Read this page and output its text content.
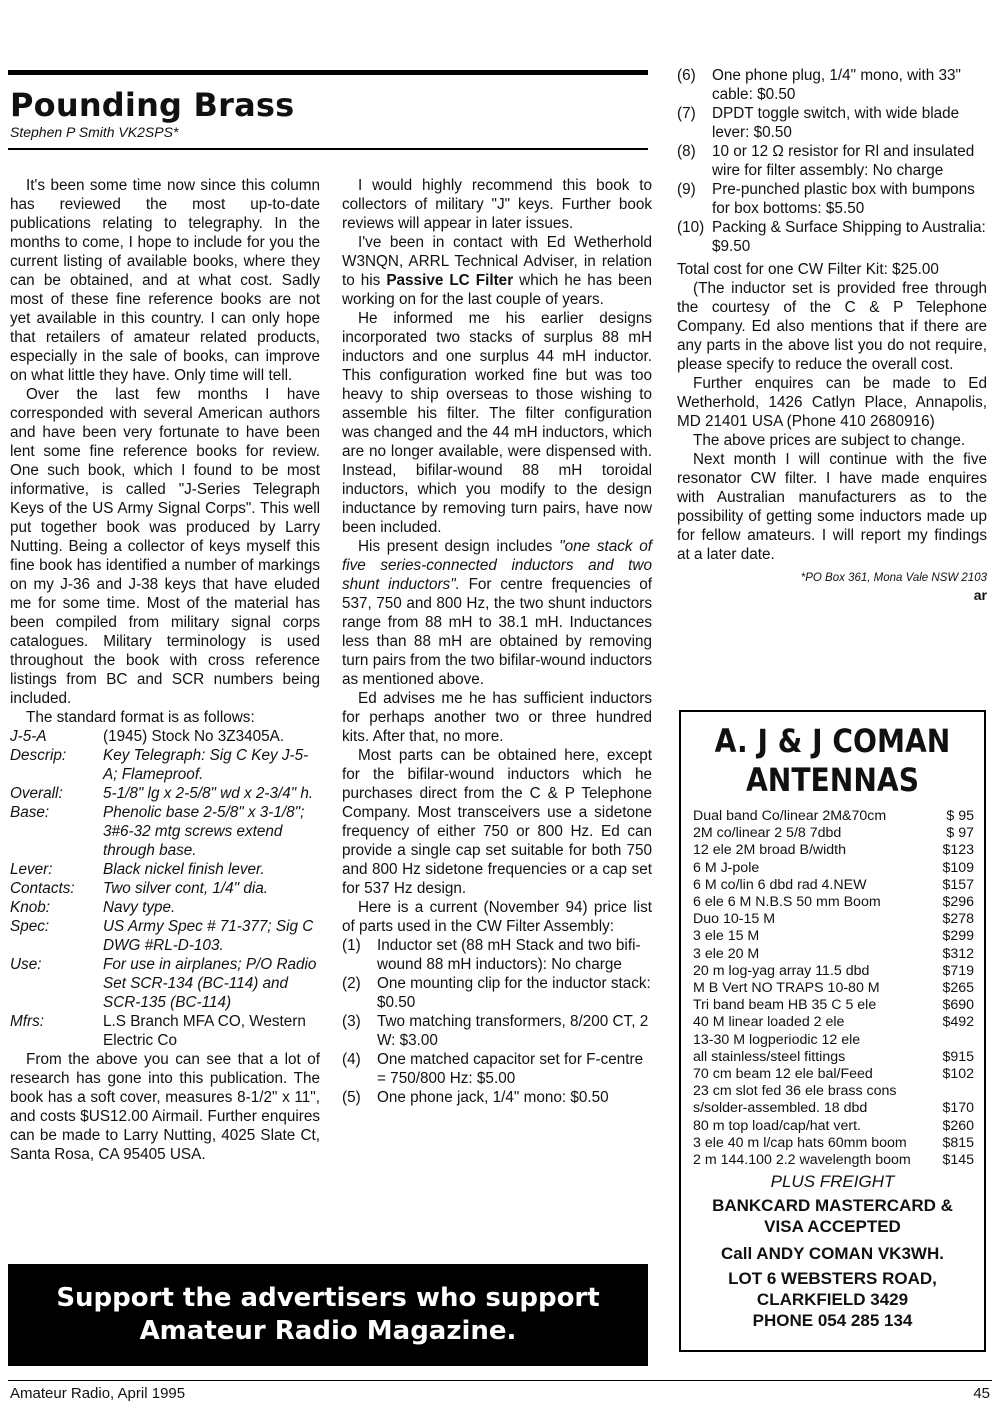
Pounding Brass
Stephen P Smith VK2SPS*

It's been some time now since this column has reviewed the most up-to-date publications relating to telegraphy. In the months to come, I hope to include for you the current listing of available books, where they can be obtained, and at what cost. Sadly most of these fine reference books are not yet available in this country. I can only hope that retailers of amateur related products, especially in the sale of books, can improve on what little they have. Only time will tell.

Over the last few months I have corresponded with several American authors and have been very fortunate to have been lent some fine reference books for review. One such book, which I found to be most informative, is called "J-Series Telegraph Keys of the US Army Signal Corps". This well put together book was produced by Larry Nutting. Being a collector of keys myself this fine book has identified a number of markings on my J-36 and J-38 keys that have eluded me for some time. Most of the material has been compiled from military signal corps catalogues. Military terminology is used throughout the book with cross reference listings from BC and SCR numbers being included.

The standard format is as follows:

J-5-A	(1945) Stock No 3Z3405A.
Descrip:	Key Telegraph: Sig C Key J-5-A; Flameproof.
Overall:	5-1/8" lg x 2-5/8" wd x 2-3/4" h.
Base:	Phenolic base 2-5/8" x 3-1/8"; 3#6-32 mtg screws extend through base.
Lever:	Black nickel finish lever.
Contacts:	Two silver cont, 1/4" dia.
Knob:	Navy type.
Spec:	US Army Spec # 71-377; Sig C DWG #RL-D-103.
Use:	For use in airplanes; P/O Radio Set SCR-134 (BC-114) and SCR-135 (BC-114)
Mfrs:	L.S Branch MFA CO, Western Electric Co

From the above you can see that a lot of research has gone into this publication. The book has a soft cover, measures 8-1/2" x 11", and costs $US12.00 Airmail. Further enquires can be made to Larry Nutting, 4025 Slate Ct, Santa Rosa, CA 95405 USA.

I would highly recommend this book to collectors of military "J" keys. Further book reviews will appear in later issues.

I've been in contact with Ed Wetherhold W3NQN, ARRL Technical Adviser, in relation to his Passive LC Filter which he has been working on for the last couple of years.

He informed me his earlier designs incorporated two stacks of surplus 88 mH inductors and one surplus 44 mH inductor. This configuration worked fine but was too heavy to ship overseas to those wishing to assemble his filter. The filter configuration was changed and the 44 mH inductors, which are no longer available, were dispensed with. Instead, bifilar-wound 88 mH toroidal inductors, which you modify to the design inductance by removing turn pairs, have now been included.

His present design includes "one stack of five series-connected inductors and two shunt inductors". For centre frequencies of 537, 750 and 800 Hz, the two shunt inductors range from 88 mH to 38.1 mH. Inductances less than 88 mH are obtained by removing turn pairs from the two bifilar-wound inductors as mentioned above.

Ed advises me he has sufficient inductors for perhaps another two or three hundred kits. After that, no more.

Most parts can be obtained here, except for the bifilar-wound inductors which he purchases direct from the C & P Telephone Company. Most transceivers use a sidetone frequency of either 750 or 800 Hz. Ed can provide a single cap set suitable for both 750 and 800 Hz sidetone frequencies or a cap set for 537 Hz design.

Here is a current (November 94) price list of parts used in the CW Filter Assembly:

(1)	Inductor set (88 mH Stack and two bifi-wound 88 mH inductors): No charge
(2)	One mounting clip for the inductor stack: $0.50
(3)	Two matching transformers, 8/200 CT, 2 W: $3.00
(4)	One matched capacitor set for F-centre = 750/800 Hz: $5.00
(5)	One phone jack, 1/4" mono: $0.50
(6)	One phone plug, 1/4" mono, with 33" cable: $0.50
(7)	DPDT toggle switch, with wide blade lever: $0.50
(8)	10 or 12 Ω resistor for Rl and insulated wire for filter assembly: No charge
(9)	Pre-punched plastic box with bumpons for box bottoms: $5.50
(10) Packing & Surface Shipping to Australia: $9.50

Total cost for one CW Filter Kit: $25.00

(The inductor set is provided free through the courtesy of the C & P Telephone Company. Ed also mentions that if there are any parts in the above list you do not require, please specify to reduce the overall cost.

Further enquires can be made to Ed Wetherhold, 1426 Catlyn Place, Annapolis, MD 21401 USA (Phone 410 2680916)

The above prices are subject to change.

Next month I will continue with the five resonator CW filter. I have made enquires with Australian manufacturers as to the possibility of getting some inductors made up for fellow amateurs. I will report my findings at a later date.

*PO Box 361, Mona Vale NSW 2103
ar
Support the advertisers who support
Amateur Radio Magazine.
A. J & J COMAN
ANTENNAS
Dual band Co/linear 2M&70cm	$ 95
2M co/linear 2 5/8 7dbd	$ 97
12 ele 2M broad B/width	$123
6 M J-pole	$109
6 M co/lin 6 dbd rad 4.NEW	$157
6 ele 6 M N.B.S 50 mm Boom	$296
Duo 10-15 M	$278
3 ele 15 M	$299
3 ele 20 M	$312
20 m log-yag array 11.5 dbd	$719
M B Vert NO TRAPS 10-80 M	$265
Tri band beam HB 35 C 5 ele	$690
40 M linear loaded 2 ele	$492
13-30 M logperiodic 12 ele
all stainless/steel fittings	$915
70 cm beam 12 ele bal/Feed	$102
23 cm slot fed 36 ele brass cons
s/solder-assembled. 18 dbd	$170
80 m top load/cap/hat vert.	$260
3 ele 40 m l/cap hats 60mm boom	$815
2 m 144.100 2.2 wavelength boom $145
PLUS FREIGHT
BANKCARD MASTERCARD &
VISA ACCEPTED
Call ANDY COMAN VK3WH.
LOT 6 WEBSTERS ROAD,
CLARKFIELD 3429
PHONE 054 285 134
Amateur Radio, April 1995	45
